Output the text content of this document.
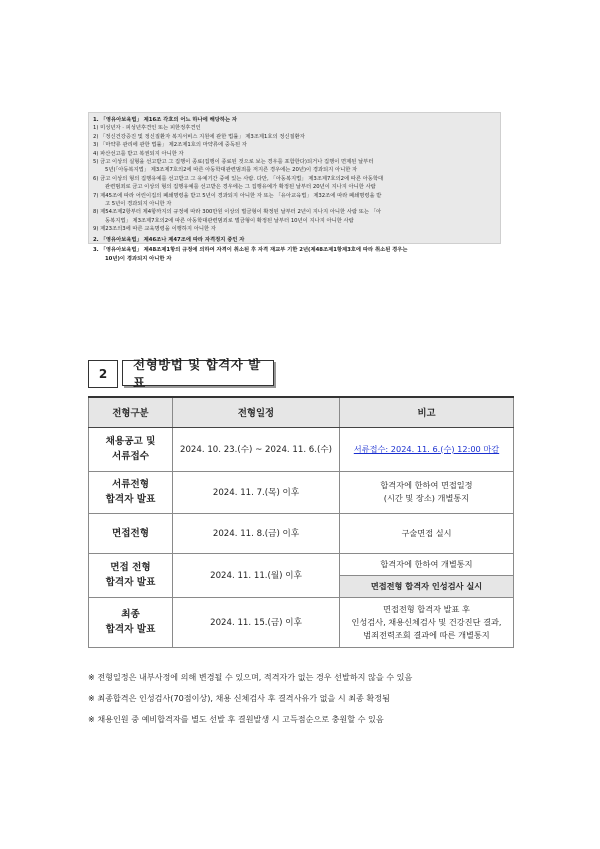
1. 「영유아보육법」 제16조 각호의 어느 하나에 해당하는 자
1) 미성년자 · 피성년후견인 또는 피한정후견인
2) 「정신건강증진 및 정신질환자 복지서비스 지원에 관한 법률」 제3조제1호의 정신질환자
3) 「마약류 관리에 관한 법률」 제2조제1호의 마약류에 중독된 자
4) 파산선고를 받고 복권되지 아니한 자
5) 금고 이상의 실형을 선고받고 그 집행이 종료(집행이 종료된 것으로 보는 경우를 포함한다)되거나 집행이 면제된 날부터
5년(「아동복지법」 제3조제7호의2에 따른 아동학대관련범죄를 저지른 경우에는 20년)이 경과되지 아니한 자
6) 금고 이상의 형의 집행유예를 선고받고 그 유예기간 중에 있는 사람. 다만, 「아동복지법」 제3조제7호의2에 따른 아동학대
관련범죄로 금고 이상의 형의 집행유예를 선고받은 경우에는 그 집행유예가 확정된 날부터 20년이 지나지 아니한 사람
7) 제45조에 따라 어린이집의 폐쇄명령을 받고 5년이 경과되지 아니한 자 또는 「유아교육법」 제32조에 따라 폐쇄명령을 받
고 5년이 경과되지 아니한 자
8) 제54조제2항부터 제4항까지의 규정에 따라 300만원 이상의 벌금형이 확정된 날부터 2년이 지나지 아니한 사람 또는 「아
동복지법」 제3조제7호의2에 따른 아동학대관련범죄로 벌금형이 확정된 날부터 10년이 지나지 아니한 사람
9) 제23조의3에 따른 교육명령을 이행하지 아니한 자
2. 「영유아보육법」 제46조나 제47조에 따라 자격정지 중인 자
3. 「영유아보육법」 제48조제1항의 규정에 의하여 자격이 취소된 후 자격 재교부 기한 2년(제48조제1항제3호에 따라 취소된 경우는
10년)이 경과되지 아니한 자
2
전형방법 및 합격자 발표
전형구분	전형일정	비고
채용공고 및
서류접수	2024. 10. 23.(수) ~ 2024. 11. 6.(수)	서류접수: 2024. 11. 6.(수) 12:00 마감
서류전형
합격자 발표	2024. 11. 7.(목) 이후	합격자에 한하여 면접일정
(시간 및 장소) 개별통지
면접전형	2024. 11. 8.(금) 이후	구술면접 실시
면접 전형
합격자 발표	2024. 11. 11.(월) 이후	합격자에 한하여 개별통지
		면접전형 합격자 인성검사 실시
최종
합격자 발표	2024. 11. 15.(금) 이후	면접전형 합격자 발표 후
인성검사, 채용신체검사 및 건강진단 결과,
범죄전력조회 결과에 따른 개별통지
※ 전형일정은 내부사정에 의해 변경될 수 있으며, 적격자가 없는 경우 선발하지 않을 수 있음
※ 최종합격은 인성검사(70점이상), 채용 신체검사 후 결격사유가 없을 시 최종 확정됨
※ 채용인원 중 예비합격자를 별도 선발 후 결원발생 시 고득점순으로 충원할 수 있음
